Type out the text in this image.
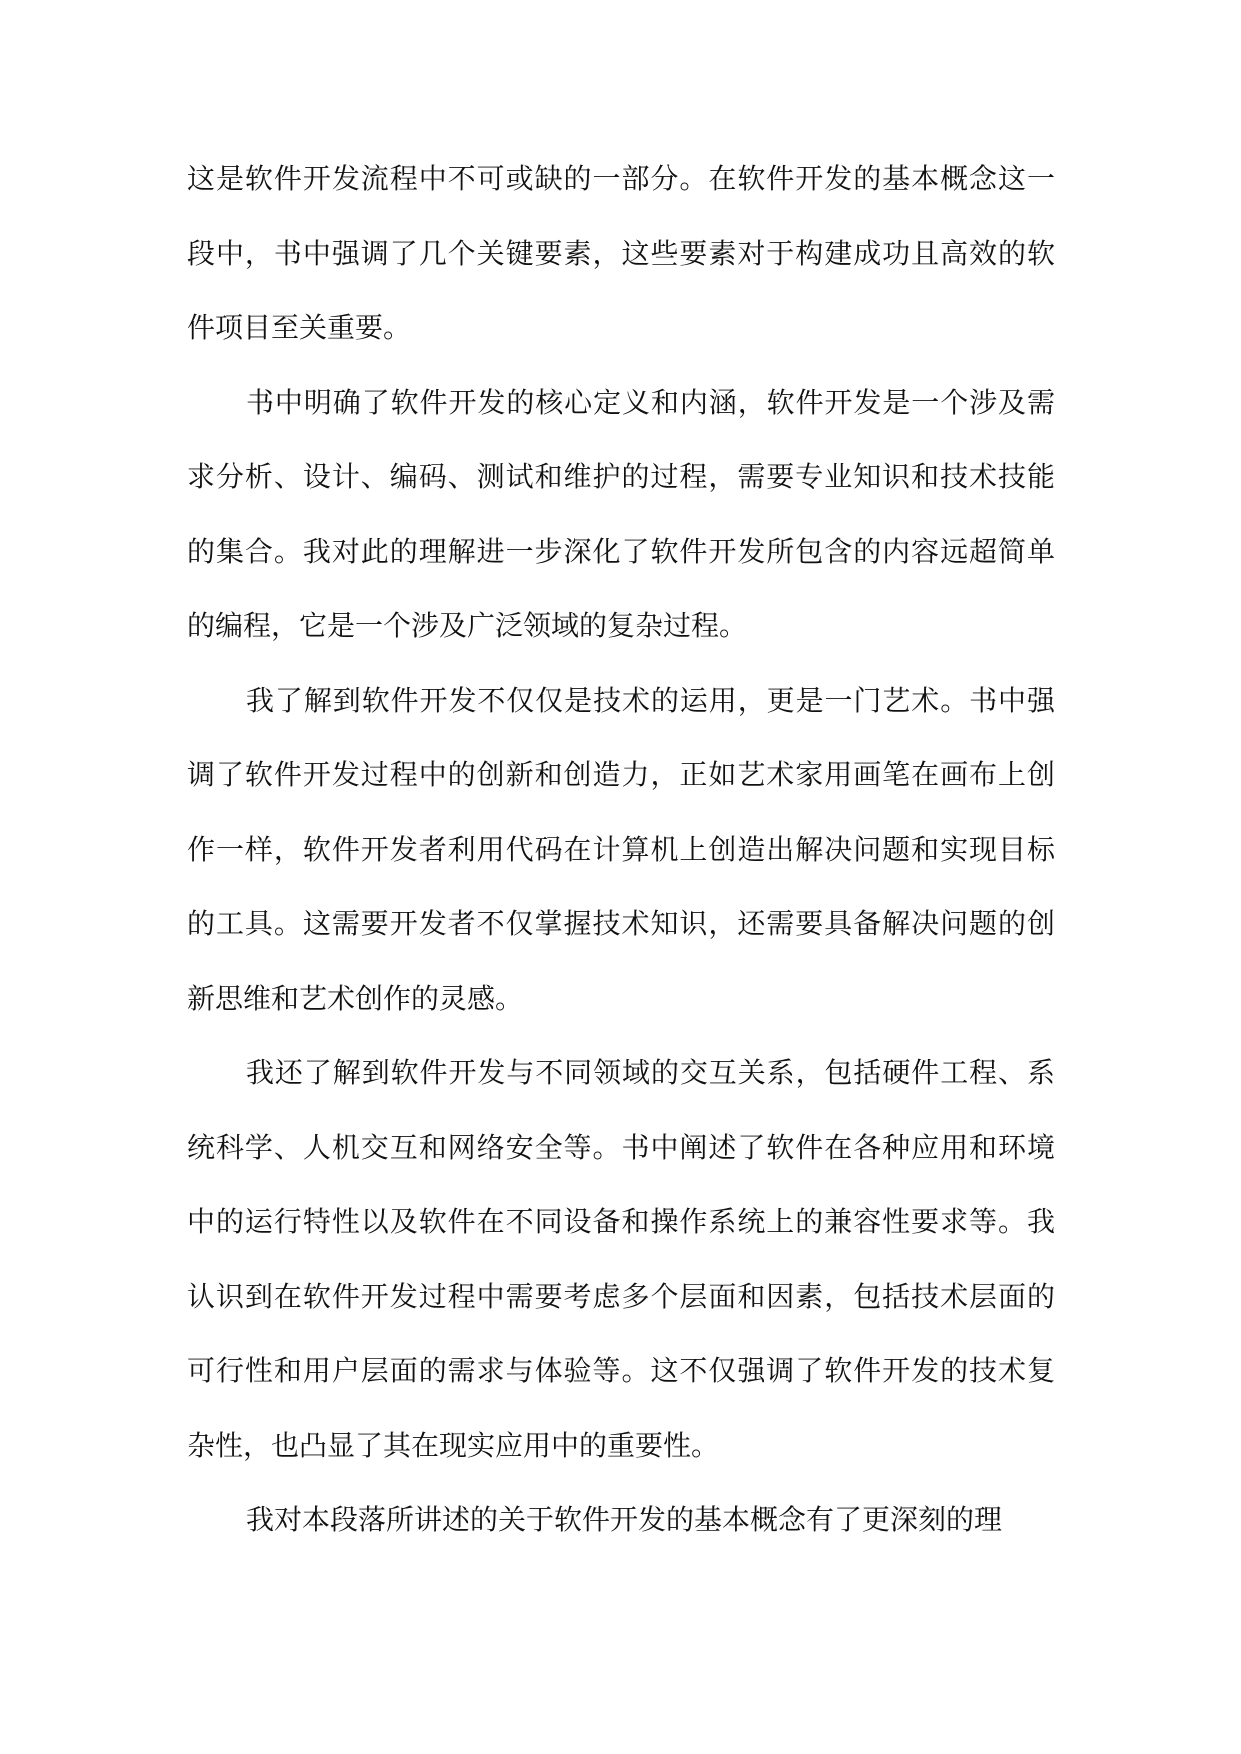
这是软件开发流程中不可或缺的一部分。在软件开发的基本概念这一
段中，书中强调了几个关键要素，这些要素对于构建成功且高效的软
件项目至关重要。
书中明确了软件开发的核心定义和内涵，软件开发是一个涉及需
求分析、设计、编码、测试和维护的过程，需要专业知识和技术技能
的集合。我对此的理解进一步深化了软件开发所包含的内容远超简单
的编程，它是一个涉及广泛领域的复杂过程。
我了解到软件开发不仅仅是技术的运用，更是一门艺术。书中强
调了软件开发过程中的创新和创造力，正如艺术家用画笔在画布上创
作一样，软件开发者利用代码在计算机上创造出解决问题和实现目标
的工具。这需要开发者不仅掌握技术知识，还需要具备解决问题的创
新思维和艺术创作的灵感。
我还了解到软件开发与不同领域的交互关系，包括硬件工程、系
统科学、人机交互和网络安全等。书中阐述了软件在各种应用和环境
中的运行特性以及软件在不同设备和操作系统上的兼容性要求等。我
认识到在软件开发过程中需要考虑多个层面和因素，包括技术层面的
可行性和用户层面的需求与体验等。这不仅强调了软件开发的技术复
杂性，也凸显了其在现实应用中的重要性。
我对本段落所讲述的关于软件开发的基本概念有了更深刻的理
